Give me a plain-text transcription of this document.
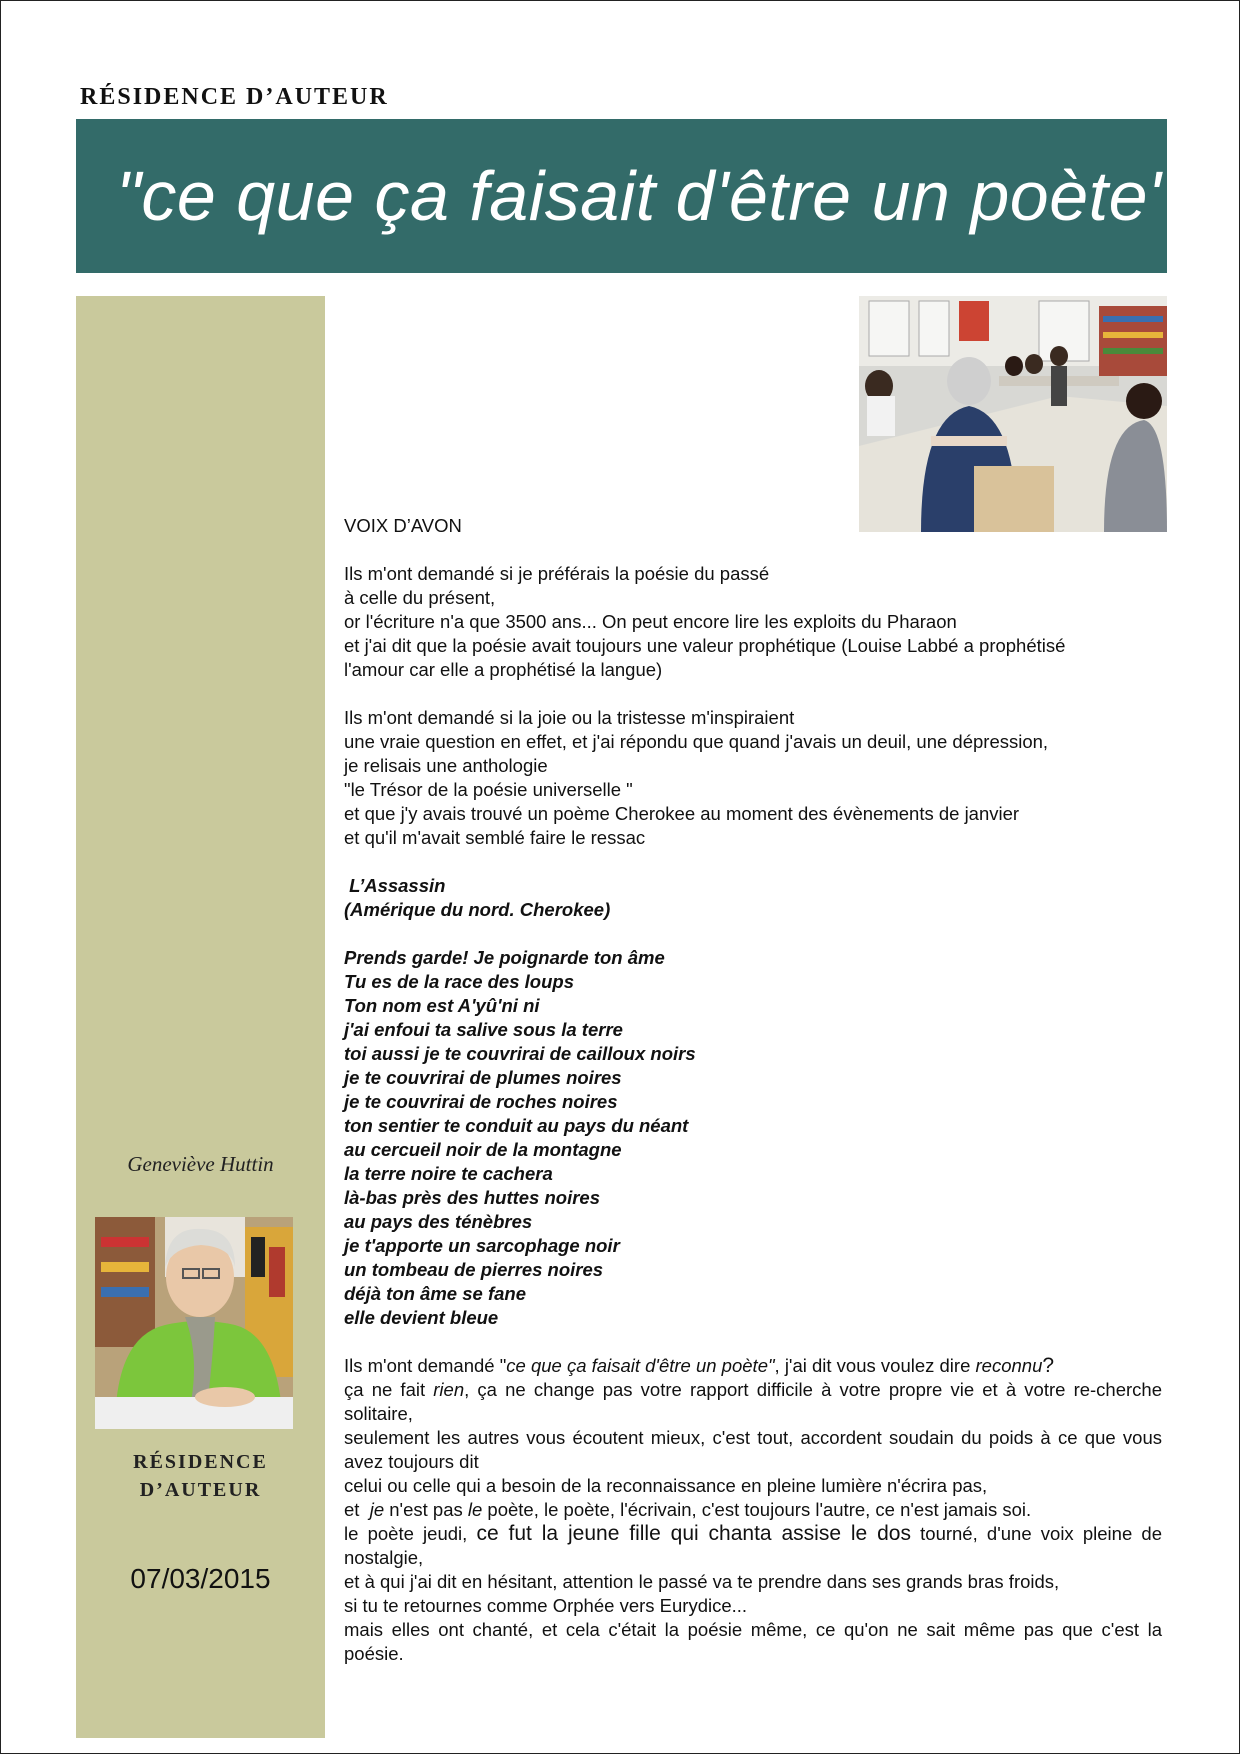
RÉSIDENCE D’AUTEUR
"ce que ça faisait d'être un poète"
Geneviève Huttin
RÉSIDENCE
D’AUTEUR
07/03/2015

VOIX D’AVON

Ils m'ont demandé si je préférais la poésie du passé

à celle du présent,

or l'écriture n'a que 3500 ans... On peut encore lire les exploits du Pharaon

et j'ai dit que la poésie avait toujours une valeur prophétique (Louise Labbé a prophétisé

l'amour car elle a prophétisé la langue)

Ils m'ont demandé si la joie ou la tristesse m'inspiraient

une vraie question en effet, et j'ai répondu que quand j'avais un deuil, une dépression,

je relisais une anthologie

"le Trésor de la poésie universelle "

et que j'y avais trouvé un poème Cherokee au moment des évènements de janvier

et qu'il m'avait semblé faire le ressac

L’Assassin

(Amérique du nord. Cherokee)

Prends garde! Je poignarde ton âme

Tu es de la race des loups

Ton nom est A'yû'ni ni

j'ai enfoui ta salive sous la terre

toi aussi je te couvrirai de cailloux noirs

je te couvrirai de plumes noires

je te couvrirai de roches noires

ton sentier te conduit au pays du néant

au cercueil noir de la montagne

la terre noire te cachera

là-bas près des huttes noires

au pays des ténèbres

je t'apporte un sarcophage noir

un tombeau de pierres noires

déjà ton âme se fane

elle devient bleue

Ils m'ont demandé "ce que ça faisait d'être un poète", j'ai dit vous voulez dire reconnu?

ça ne fait rien, ça ne change pas votre rapport difficile à votre propre vie et à votre re-cherche solitaire,

seulement les autres vous écoutent mieux, c'est tout, accordent soudain du poids à ce que vous avez toujours dit

celui ou celle qui a besoin de la reconnaissance en pleine lumière n'écrira pas,

et  je n'est pas le poète, le poète, l'écrivain, c'est toujours l'autre, ce n'est jamais soi.

le poète jeudi, ce fut la jeune fille qui chanta assise le dos tourné, d'une voix pleine de nostalgie,

et à qui j'ai dit en hésitant, attention le passé va te prendre dans ses grands bras froids,

si tu te retournes comme Orphée vers Eurydice...

mais elles ont chanté, et cela c'était la poésie même, ce qu'on ne sait même pas que c'est la poésie.
